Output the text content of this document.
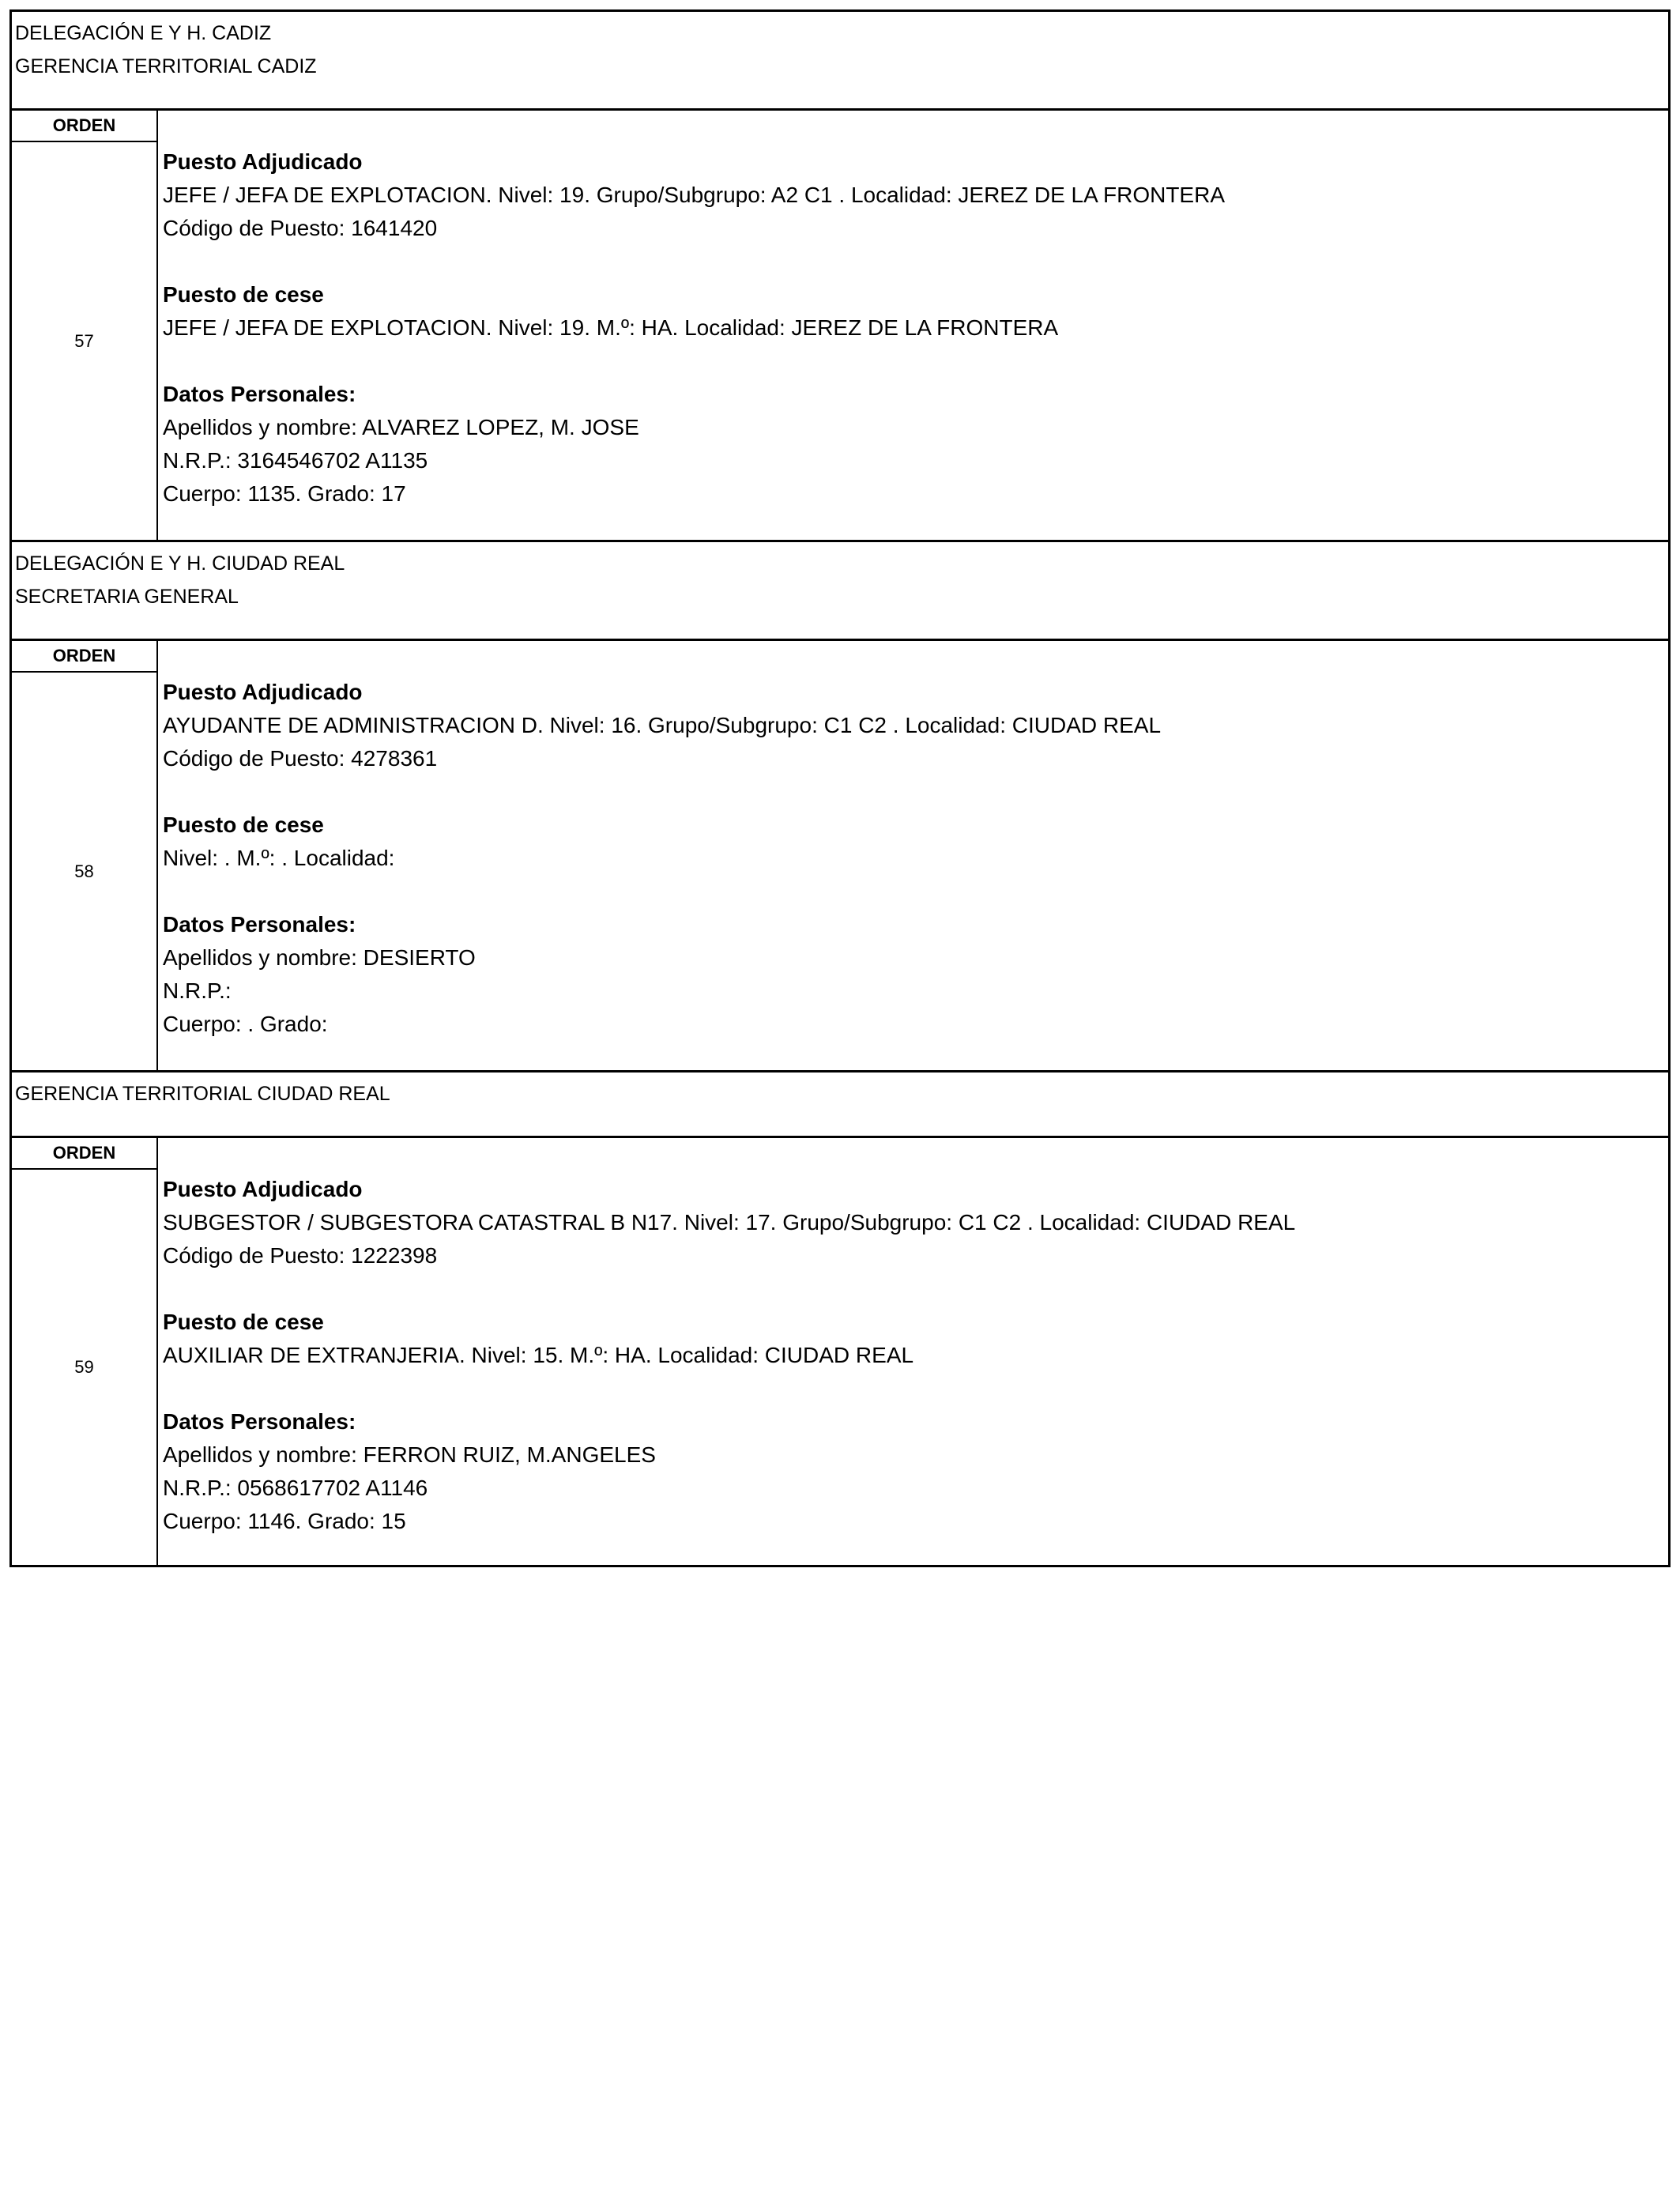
DELEGACIÓN E Y H. CADIZ
GERENCIA TERRITORIAL CADIZ
ORDEN
57
Puesto Adjudicado
JEFE / JEFA DE EXPLOTACION. Nivel: 19. Grupo/Subgrupo: A2 C1 . Localidad: JEREZ DE LA FRONTERA
Código de Puesto: 1641420
Puesto de cese
JEFE / JEFA DE EXPLOTACION. Nivel: 19. M.º: HA. Localidad: JEREZ DE LA FRONTERA
Datos Personales:
Apellidos y nombre: ALVAREZ LOPEZ, M. JOSE
N.R.P.: 3164546702 A1135
Cuerpo: 1135. Grado: 17
DELEGACIÓN E Y H. CIUDAD REAL
SECRETARIA GENERAL
ORDEN
58
Puesto Adjudicado
AYUDANTE DE ADMINISTRACION D. Nivel: 16. Grupo/Subgrupo: C1 C2 . Localidad: CIUDAD REAL
Código de Puesto: 4278361
Puesto de cese
Nivel: . M.º: . Localidad:
Datos Personales:
Apellidos y nombre: DESIERTO
N.R.P.:
Cuerpo: . Grado:
GERENCIA TERRITORIAL CIUDAD REAL
ORDEN
59
Puesto Adjudicado
SUBGESTOR / SUBGESTORA CATASTRAL B N17. Nivel: 17. Grupo/Subgrupo: C1 C2 . Localidad: CIUDAD REAL
Código de Puesto: 1222398
Puesto de cese
AUXILIAR DE EXTRANJERIA. Nivel: 15. M.º: HA. Localidad: CIUDAD REAL
Datos Personales:
Apellidos y nombre: FERRON RUIZ, M.ANGELES
N.R.P.: 0568617702 A1146
Cuerpo: 1146. Grado: 15
